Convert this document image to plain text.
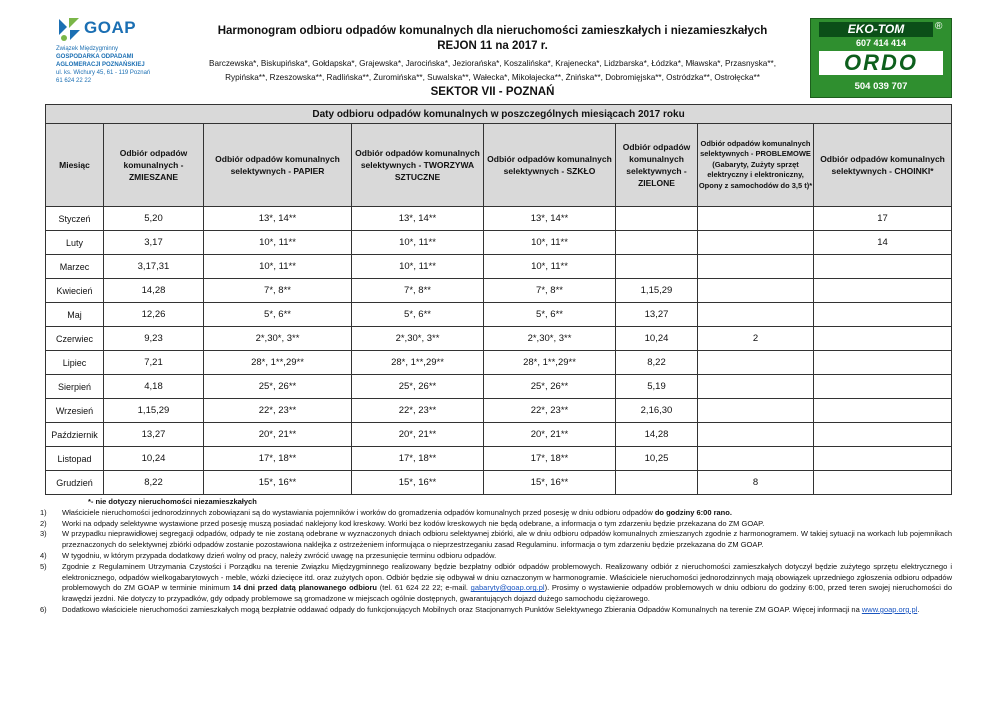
GOAP
Związek Międzygminny
GOSPODARKA ODPADAMI
AGLOMERACJI POZNAŃSKIEJ
ul. ks. Wichury 45, 61 - 119 Poznań
61 624 22 22
Harmonogram odbioru odpadów komunalnych dla nieruchomości zamieszkałych i niezamieszkałych
REJON 11 na 2017 r.
Barczewska*, Biskupińska*, Gołdapska*, Grajewska*, Jarocińska*, Jeziorańska*, Koszalińska*, Krajenecka*, Lidzbarska*, Łódzka*, Mławska*, Przasnyska**,
Rypińska**, Rzeszowska**, Radlińska**, Żuromińska**, Suwalska**, Wałecka*, Mikołajecka**, Żnińska**, Dobromięjska**, Ostródzka**, Ostrołęcka**
SEKTOR VII - POZNAŃ
EKO-TOM	®
607 414 414
ORDO
504 039 707
Daty odbioru odpadów komunalnych w poszczególnych miesiącach 2017 roku							
Miesiąc	Odbiór odpadów komunalnych - ZMIESZANE	Odbiór odpadów komunalnych selektywnych - PAPIER	Odbiór odpadów komunalnych selektywnych - TWORZYWA SZTUCZNE	Odbiór odpadów komunalnych selektywnych - SZKŁO	Odbiór odpadów komunalnych selektywnych - ZIELONE	Odbiór odpadów komunalnych selektywnych - PROBLEMOWE (Gabaryty, Zużyty sprzęt elektryczny i elektroniczny, Opony z samochodów do 3,5 t)*	Odbiór odpadów komunalnych selektywnych - CHOINKI*
Styczeń	5,20	13*, 14**	13*, 14**	13*, 14**			17
Luty	3,17	10*, 11**	10*, 11**	10*, 11**			14
Marzec	3,17,31	10*, 11**	10*, 11**	10*, 11**			
Kwiecień	14,28	7*, 8**	7*, 8**	7*, 8**	1,15,29		
Maj	12,26	5*, 6**	5*, 6**	5*, 6**	13,27		
Czerwiec	9,23	2*,30*, 3**	2*,30*, 3**	2*,30*, 3**	10,24	2	
Lipiec	7,21	28*, 1**,29**	28*, 1**,29**	28*, 1**,29**	8,22		
Sierpień	4,18	25*, 26**	25*, 26**	25*, 26**	5,19		
Wrzesień	1,15,29	22*, 23**	22*, 23**	22*, 23**	2,16,30		
Październik	13,27	20*, 21**	20*, 21**	20*, 21**	14,28		
Listopad	10,24	17*, 18**	17*, 18**	17*, 18**	10,25		
Grudzień	8,22	15*, 16**	15*, 16**	15*, 16**		8	
*- nie dotyczy nieruchomości niezamieszkałych
1)	Właściciele nieruchomości jednorodzinnych zobowiązani są do wystawiania pojemników i worków do gromadzenia odpadów komunalnych przed posesję w dniu odbioru odpadów do godziny 6:00 rano.
2)	Worki na odpady selektywne wystawione przed posesję muszą posiadać naklejony kod kreskowy. Worki bez kodów kreskowych nie będą odebrane, a informacja o tym zdarzeniu będzie przekazana do ZM GOAP.
3)	W przypadku nieprawidłowej segregacji odpadów, odpady te nie zostaną odebrane w wyznaczonych dniach odbioru selektywnej zbiórki, ale w dniu odbioru odpadów komunalnych zmieszanych zgodnie z harmonogramem. W takiej sytuacji na workach lub pojemnikach przeznaczonych do selektywnej zbiórki odpadów zostanie pozostawiona naklejka z ostrzeżeniem informująca o nieprzestrzeganiu zasad Regulaminu. informacja o tym zdarzeniu będzie przekazana do ZM GOAP.
4)	W tygodniu, w którym przypada dodatkowy dzień wolny od pracy, należy zwrócić uwagę na przesunięcie terminu odbioru odpadów.
5)	Zgodnie z Regulaminem Utrzymania Czystości i Porządku na terenie Związku Międzygminnego realizowany będzie bezpłatny odbiór odpadów problemowych. Realizowany odbiór z nieruchomości zamieszkałych dotyczył będzie zużytego sprzętu elektrycznego i elektronicznego, odpadów wielkogabarytowych - meble, wózki dziecięce itd. oraz zużytych opon. Odbiór będzie się odbywał w dniu oznaczonym w harmonogramie. Właściciele nieruchomości jednorodzinnych mają obowiązek uprzedniego zgłoszenia odbioru odpadów problemowych do ZM GOAP w terminie minimum 14 dni przed datą planowanego odbioru (tel. 61 624 22 22; e-mail. gabaryty@goap.org.pl). Prosimy o wystawienie odpadów problemowych w dniu odbioru do godziny 6:00, przed teren swojej nieruchomości do krawędzi jezdni. Nie dotyczy to przypadków, gdy odpady problemowe są gromadzone w miejscach ogólnie dostępnych, gwarantujących dojazd dużego samochodu ciężarowego.
6)	Dodatkowo właściciele nieruchomości zamieszkałych mogą bezpłatnie oddawać odpady do funkcjonujących Mobilnych oraz Stacjonarnych Punktów Selektywnego Zbierania Odpadów Komunalnych na terenie ZM GOAP. Więcej informacji na www.goap.org.pl.
